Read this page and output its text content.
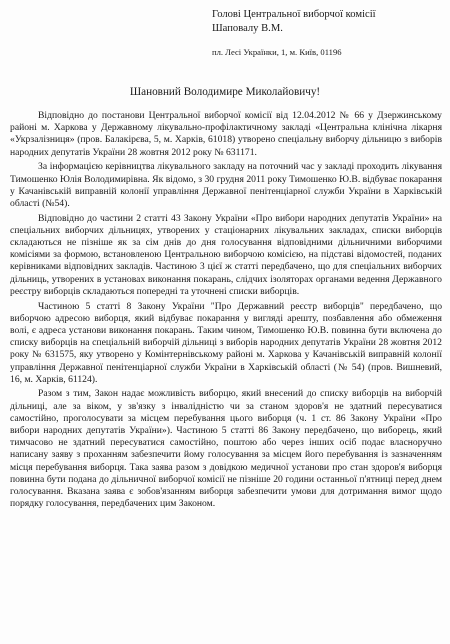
Голові Центральної виборчої комісії
Шаповалу В.М.
пл. Лесі Українки, 1, м. Київ, 01196
Шановний Володимире Миколайовичу!

Відповідно до постанови Центральної виборчої комісії від 12.04.2012 № 66 у Дзержинському районі м. Харкова у Державному лікувально-профілактичному закладі «Центральна клінічна лікарня «Укрзалізниця» (пров. Балакірєва, 5, м. Харків, 61018) утворено спеціальну виборчу дільницю з виборів народних депутатів України 28 жовтня 2012 року № 631171.

За інформацією керівництва лікувального закладу на поточний час у закладі проходить лікування Тимошенко Юлія Володимирівна. Як відомо, з 30 грудня 2011 року Тимошенко Ю.В. відбуває покарання у Качанівській виправній колонії управління Державної пенітенціарної служби України в Харківській області (№54).

Відповідно до частини 2 статті 43 Закону України «Про вибори народних депутатів України» на спеціальних виборчих дільницях, утворених у стаціонарних лікувальних закладах, списки виборців складаються не пізніше як за сім днів до дня голосування відповідними дільничними виборчими комісіями за формою, встановленою Центральною виборчою комісією, на підставі відомостей, поданих керівниками відповідних закладів. Частиною 3 цієї ж статті передбачено, що для спеціальних виборчих дільниць, утворених в установах виконання покарань, слідчих ізоляторах органами ведення Державного реєстру виборців складаються попередні та уточнені списки виборців.

Частиною 5 статті 8 Закону України "Про Державний реєстр виборців" передбачено, що виборчою адресою виборця, який відбуває покарання у вигляді арешту, позбавлення або обмеження волі, є адреса установи виконання покарань. Таким чином, Тимошенко Ю.В. повинна бути включена до списку виборців на спеціальній виборчій дільниці з виборів народних депутатів України 28 жовтня 2012 року № 631575, яку утворено у Комінтернівському районі м. Харкова у Качанівській виправній колонії управління Державної пенітенціарної служби України в Харківській області (№ 54) (пров. Вишневий, 16, м. Харків, 61124).

Разом з тим, Закон надає можливість виборцю, який внесений до списку виборців на виборчій дільниці, але за віком, у зв'язку з інвалідністю чи за станом здоров'я не здатний пересуватися самостійно, проголосувати за місцем перебування цього виборця (ч. 1 ст. 86 Закону України «Про вибори народних депутатів України»). Частиною 5 статті 86 Закону передбачено, що виборець, який тимчасово не здатний пересуватися самостійно, поштою або через інших осіб подає власноручно написану заяву з проханням забезпечити йому голосування за місцем його перебування із зазначенням місця перебування виборця. Така заява разом з довідкою медичної установи про стан здоров'я виборця повинна бути подана до дільничної виборчої комісії не пізніше 20 години останньої п'ятниці перед днем голосування. Вказана заява є зобов'язанням виборця забезпечити умови для дотримання вимог щодо порядку голосування, передбачених цим Законом.
